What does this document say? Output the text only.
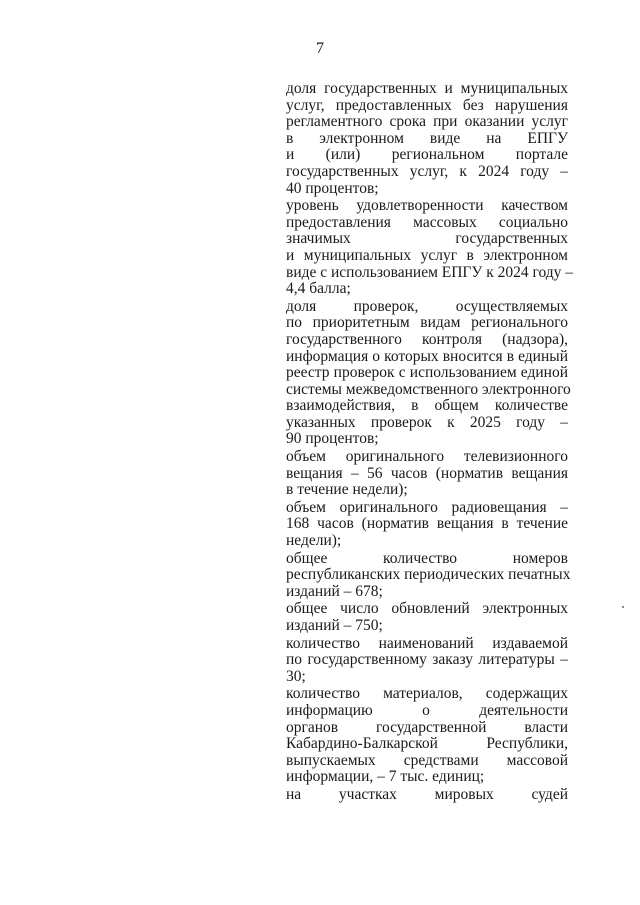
7
доля государственных и муниципальных
услуг, предоставленных без нарушения
регламентного срока при оказании услуг
в электронном виде на ЕПГУ
и (или) региональном портале
государственных услуг, к 2024 году –
40 процентов;
уровень удовлетворенности качеством
предоставления массовых социально
значимых государственных
и муниципальных услуг в электронном
виде с использованием ЕПГУ к 2024 году –
4,4 балла;
доля проверок, осуществляемых
по приоритетным видам регионального
государственного контроля (надзора),
информация о которых вносится в единый
реестр проверок с использованием единой
системы межведомственного электронного
взаимодействия, в общем количестве
указанных проверок к 2025 году –
90 процентов;
объем оригинального телевизионного
вещания – 56 часов (норматив вещания
в течение недели);
объем оригинального радиовещания –
168 часов (норматив вещания в течение
недели);
общее количество номеров
республиканских периодических печатных
изданий – 678;
общее число обновлений электронных
изданий – 750;
количество наименований издаваемой
по государственному заказу литературы –
30;
количество материалов, содержащих
информацию о деятельности
органов государственной власти
Кабардино-Балкарской Республики,
выпускаемых средствами массовой
информации, – 7 тыс. единиц;
на участках мировых судей
